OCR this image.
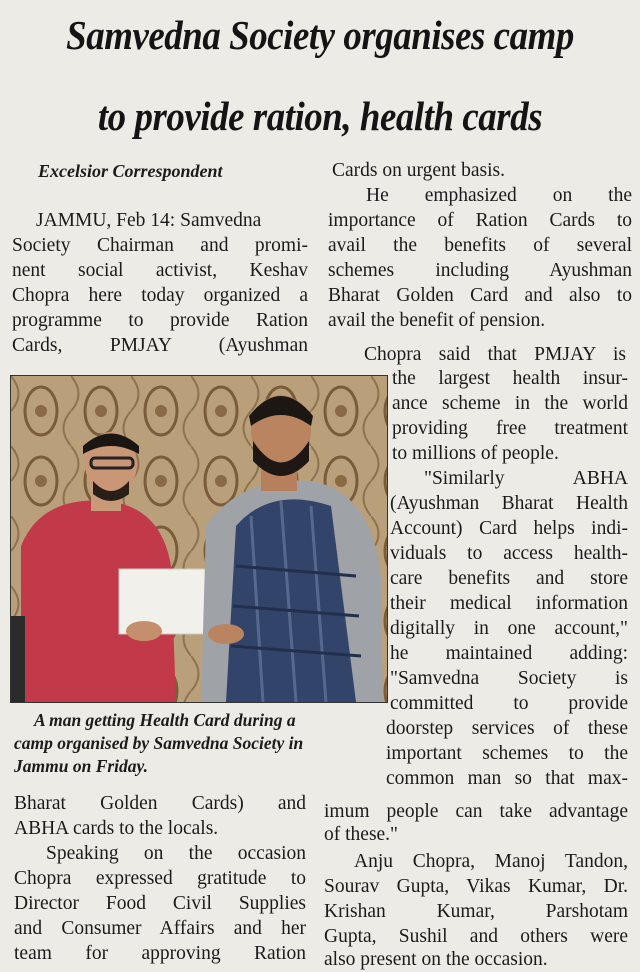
Samvedna Society organises camp
to provide ration, health cards
Excelsior Correspondent
JAMMU, Feb 14: Samvedna
Society Chairman and promi-
nent social activist, Keshav
Chopra here today organized a
programme to provide Ration
Cards, PMJAY (Ayushman
Cards on urgent basis.
He emphasized on the
importance of Ration Cards to
avail the benefits of several
schemes including Ayushman
Bharat Golden Card and also to
avail the benefit of pension.
Chopra said that PMJAY is
A man getting Health Card during a
camp organised by Samvedna Society in
Jammu on Friday.
the largest health insur-
ance scheme in the world
providing free treatment
to millions of people.
"Similarly ABHA
(Ayushman Bharat Health
Account) Card helps indi-
viduals to access health-
care benefits and store
their medical information
digitally in one account,"
he maintained adding:
"Samvedna Society is
committed to provide
doorstep services of these
important schemes to the
common man so that max-
Bharat Golden Cards) and
ABHA cards to the locals.
Speaking on the occasion
Chopra expressed gratitude to
Director Food Civil Supplies
and Consumer Affairs and her
team for approving Ration
imum people can take advantage
of these."
Anju Chopra, Manoj Tandon,
Sourav Gupta, Vikas Kumar, Dr.
Krishan Kumar, Parshotam
Gupta, Sushil and others were
also present on the occasion.
